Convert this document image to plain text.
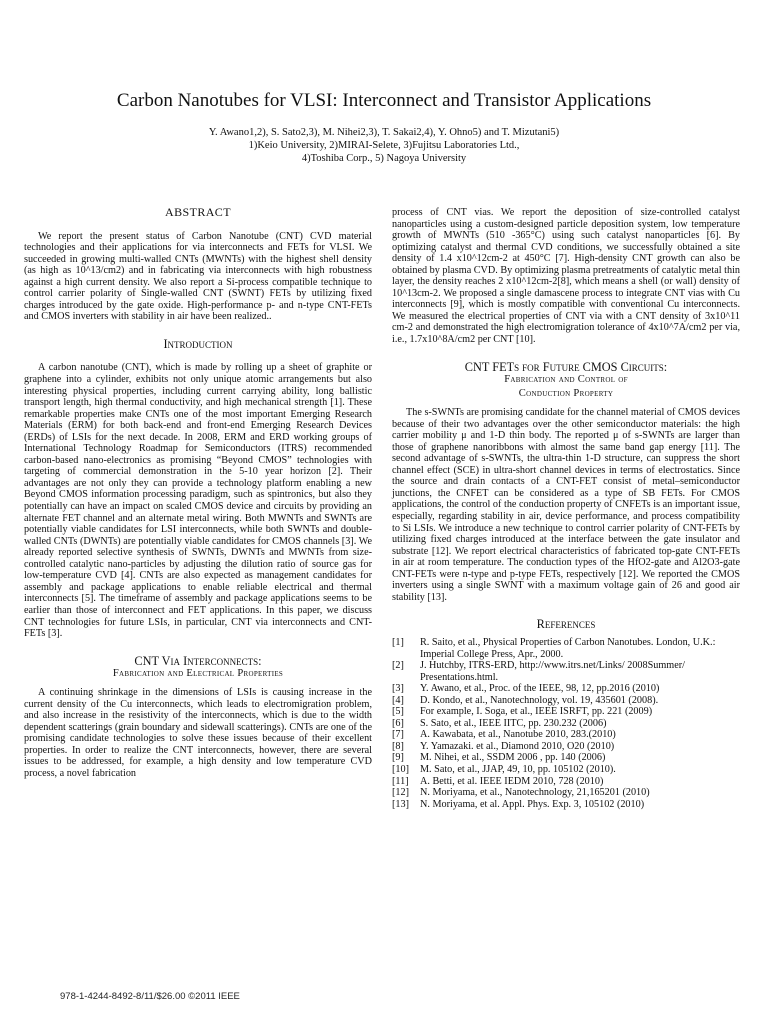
Carbon Nanotubes for VLSI: Interconnect and Transistor Applications
Y. Awano1,2), S. Sato2,3), M. Nihei2,3), T. Sakai2,4), Y. Ohno5) and T. Mizutani5)
1)Keio University, 2)MIRAI-Selete, 3)Fujitsu Laboratories Ltd.,
4)Toshiba Corp., 5) Nagoya University
ABSTRACT

We report the present status of Carbon Nanotube (CNT) CVD material technologies and their applications for via interconnects and FETs for VLSI. We succeeded in growing multi-walled CNTs (MWNTs) with the highest shell density (as high as 10^13/cm2) and in fabricating via interconnects with high robustness against a high current density. We also report a Si-process compatible technique to control carrier polarity of Single-walled CNT (SWNT) FETs by utilizing fixed charges introduced by the gate oxide. High-performance p- and n-type CNT-FETs and CMOS inverters with stability in air have been realized..

Introduction

A carbon nanotube (CNT), which is made by rolling up a sheet of graphite or graphene into a cylinder, exhibits not only unique atomic arrangements but also interesting physical properties, including current carrying ability, long ballistic transport length, high thermal conductivity, and high mechanical strength [1]. These remarkable properties make CNTs one of the most important Emerging Research Materials (ERM) for both back-end and front-end Emerging Research Devices (ERDs) of LSIs for the next decade. In 2008, ERM and ERD working groups of International Technology Roadmap for Semiconductors (ITRS) recommended carbon-based nano-electronics as promising “Beyond CMOS” technologies with targeting of commercial demonstration in the 5-10 year horizon [2]. Their advantages are not only they can provide a technology platform enabling a new Beyond CMOS information processing paradigm, such as spintronics, but also they potentially can have an impact on scaled CMOS device and circuits by providing an alternate FET channel and an alternate metal wiring. Both MWNTs and SWNTs are potentially viable candidates for LSI interconnects, while both SWNTs and double-walled CNTs (DWNTs) are potentially viable candidates for CMOS channels [3]. We already reported selective synthesis of SWNTs, DWNTs and MWNTs from size-controlled catalytic nano-particles by adjusting the dilution ratio of source gas for low-temperature CVD [4]. CNTs are also expected as management candidates for assembly and package applications to enable reliable electrical and thermal interconnects [5]. The timeframe of assembly and package applications seems to be earlier than those of interconnect and FET applications. In this paper, we discuss CNT technologies for future LSIs, in particular, CNT via interconnects and CNT-FETs [3].

CNT Via Interconnects:
Fabrication and Electrical Properties

A continuing shrinkage in the dimensions of LSIs is causing increase in the current density of the Cu interconnects, which leads to electromigration problem, and also increase in the resistivity of the interconnects, which is due to the width dependent scatterings (grain boundary and sidewall scatterings). CNTs are one of the promising candidate technologies to solve these issues because of their excellent properties. In order to realize the CNT interconnects, however, there are several issues to be addressed, for example, a high density and low temperature CVD process, a novel fabrication

process of CNT vias. We report the deposition of size-controlled catalyst nanoparticles using a custom-designed particle deposition system, low temperature growth of MWNTs (510 -365°C) using such catalyst nanoparticles [6]. By optimizing catalyst and thermal CVD conditions, we successfully obtained a site density of 1.4 x10^12cm-2 at 450°C [7]. High-density CNT growth can also be obtained by plasma CVD. By optimizing plasma pretreatments of catalytic metal thin layer, the density reaches 2 x10^12cm-2[8], which means a shell (or wall) density of 10^13cm-2. We proposed a single damascene process to integrate CNT vias with Cu interconnects [9], which is mostly compatible with conventional Cu interconnects. We measured the electrical properties of CNT via with a CNT density of 3x10^11 cm-2 and demonstrated the high electromigration tolerance of 4x10^7A/cm2 per via, i.e., 1.7x10^8A/cm2 per CNT [10].

CNT FETs for Future CMOS Circuits:
Fabrication and Control of
Conduction Property

The s-SWNTs are promising candidate for the channel material of CMOS devices because of their two advantages over the other semiconductor materials: the high carrier mobility μ and 1-D thin body. The reported μ of s-SWNTs are larger than those of graphene nanoribbons with almost the same band gap energy [11]. The second advantage of s-SWNTs, the ultra-thin 1-D structure, can suppress the short channel effect (SCE) in ultra-short channel devices in terms of electrostatics. Since the source and drain contacts of a CNT-FET consist of metal–semiconductor junctions, the CNFET can be considered as a type of SB FETs. For CMOS applications, the control of the conduction property of CNFETs is an important issue, especially, regarding stability in air, device performance, and process compatibility to Si LSIs. We introduce a new technique to control carrier polarity of CNT-FETs by utilizing fixed charges introduced at the interface between the gate insulator and substrate [12]. We report electrical characteristics of fabricated top-gate CNT-FETs in air at room temperature. The conduction types of the HfO2-gate and Al2O3-gate CNT-FETs were n-type and p-type FETs, respectively [12]. We reported the CMOS inverters using a single SWNT with a maximum voltage gain of 26 and good air stability [13].

References
[1]	R. Saito, et al., Physical Properties of Carbon Nanotubes. London, U.K.: Imperial College Press, Apr., 2000.
[2]	J. Hutchby, ITRS-ERD, http://www.itrs.net/Links/ 2008Summer/ Presentations.html.
[3]	Y. Awano, et al., Proc. of the IEEE, 98, 12, pp.2016 (2010)
[4]	D. Kondo, et al., Nanotechnology, vol. 19, 435601 (2008).
[5]	For example, I. Soga, et al., IEEE ISRFT, pp. 221 (2009)
[6]	S. Sato, et al., IEEE IITC, pp. 230.232 (2006)
[7]	A. Kawabata, et al., Nanotube 2010, 283.(2010)
[8]	Y. Yamazaki. et al., Diamond 2010, O20 (2010)
[9]	M. Nihei, et al., SSDM 2006 , pp. 140 (2006)
[10]	M. Sato, et al., JJAP, 49, 10, pp. 105102 (2010).
[11]	A. Betti, et al. IEEE IEDM 2010, 728 (2010)
[12]	N. Moriyama, et al., Nanotechnology, 21,165201 (2010)
[13]	N. Moriyama, et al. Appl. Phys. Exp. 3, 105102 (2010)
978-1-4244-8492-8/11/$26.00 ©2011 IEEE
